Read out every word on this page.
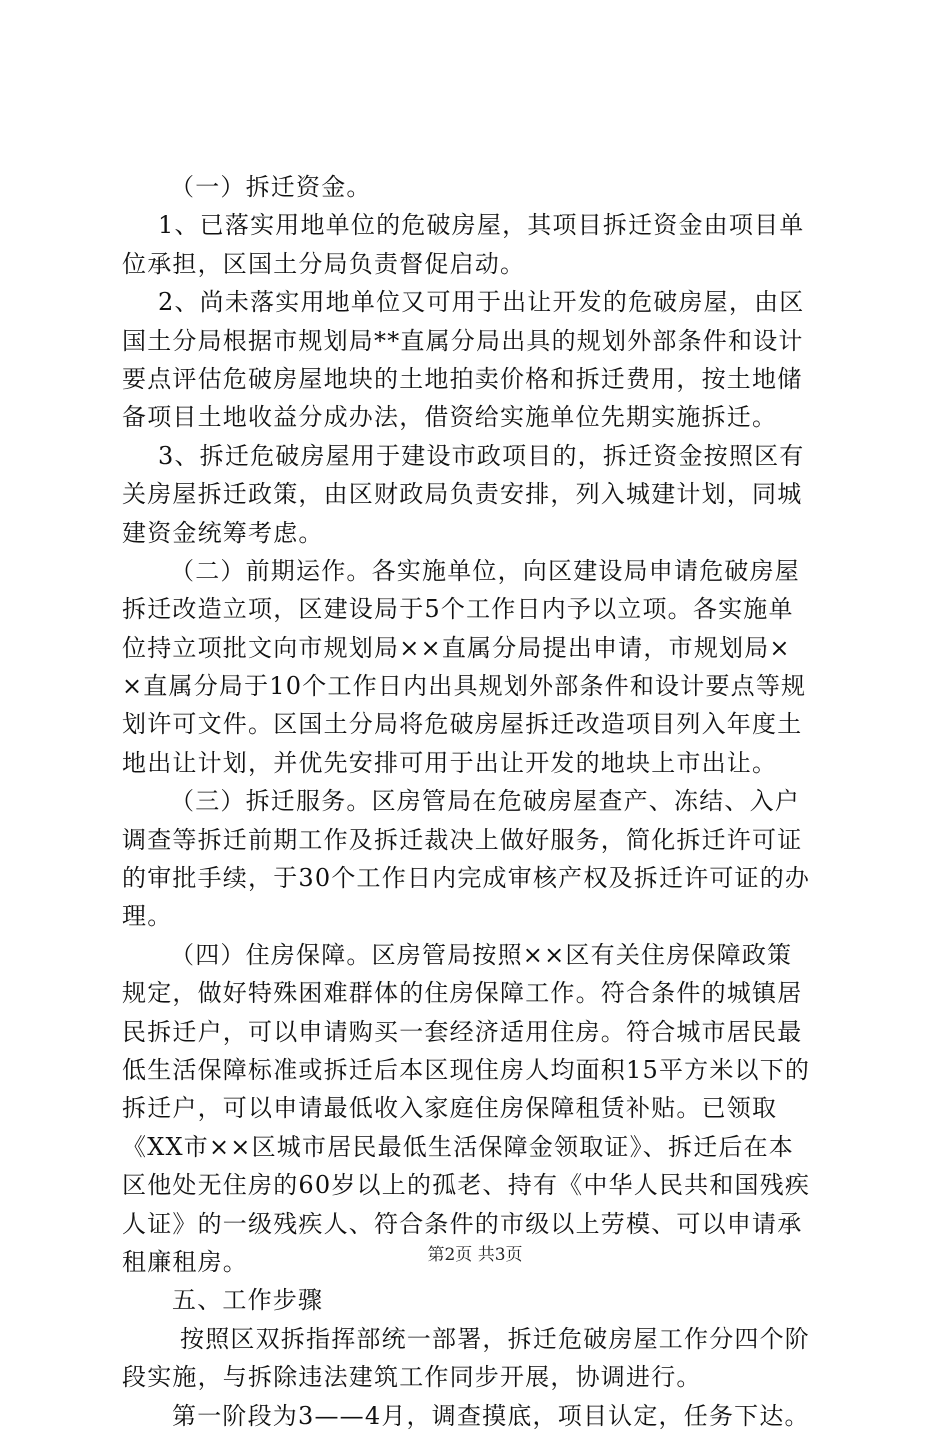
（一）拆迁资金。
1、已落实用地单位的危破房屋，其项目拆迁资金由项目单
位承担，区国土分局负责督促启动。
2、尚未落实用地单位又可用于出让开发的危破房屋，由区
国土分局根据市规划局**直属分局出具的规划外部条件和设计
要点评估危破房屋地块的土地拍卖价格和拆迁费用，按土地储
备项目土地收益分成办法，借资给实施单位先期实施拆迁。
3、拆迁危破房屋用于建设市政项目的，拆迁资金按照区有
关房屋拆迁政策，由区财政局负责安排，列入城建计划，同城
建资金统筹考虑。
（二）前期运作。各实施单位，向区建设局申请危破房屋
拆迁改造立项，区建设局于5个工作日内予以立项。各实施单
位持立项批文向市规划局××直属分局提出申请，市规划局×
×直属分局于10个工作日内出具规划外部条件和设计要点等规
划许可文件。区国土分局将危破房屋拆迁改造项目列入年度土
地出让计划，并优先安排可用于出让开发的地块上市出让。
（三）拆迁服务。区房管局在危破房屋查产、冻结、入户
调查等拆迁前期工作及拆迁裁决上做好服务，简化拆迁许可证
的审批手续，于30个工作日内完成审核产权及拆迁许可证的办
理。
（四）住房保障。区房管局按照××区有关住房保障政策
规定，做好特殊困难群体的住房保障工作。符合条件的城镇居
民拆迁户，可以申请购买一套经济适用住房。符合城市居民最
低生活保障标准或拆迁后本区现住房人均面积15平方米以下的
拆迁户，可以申请最低收入家庭住房保障租赁补贴。已领取
《XX市××区城市居民最低生活保障金领取证》、拆迁后在本
区他处无住房的60岁以上的孤老、持有《中华人民共和国残疾
人证》的一级残疾人、符合条件的市级以上劳模、可以申请承
租廉租房。
五、工作步骤
按照区双拆指挥部统一部署，拆迁危破房屋工作分四个阶
段实施，与拆除违法建筑工作同步开展，协调进行。
第一阶段为3——4月，调查摸底，项目认定，任务下达。
第2页 共3页
